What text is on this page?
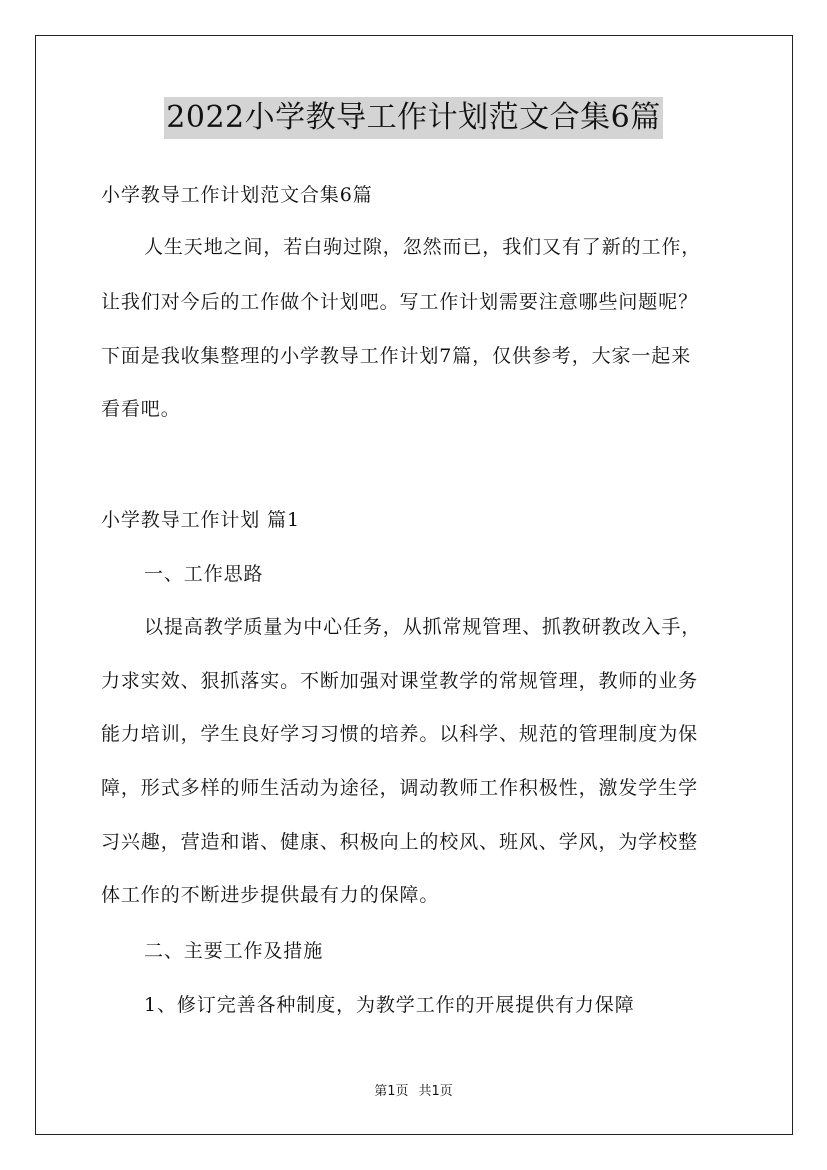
2022小学教导工作计划范文合集6篇
小学教导工作计划范文合集6篇
人生天地之间，若白驹过隙，忽然而已，我们又有了新的工作，
让我们对今后的工作做个计划吧。写工作计划需要注意哪些问题呢？
下面是我收集整理的小学教导工作计划7篇，仅供参考，大家一起来
看看吧。
小学教导工作计划 篇1
一、工作思路
以提高教学质量为中心任务，从抓常规管理、抓教研教改入手，
力求实效、狠抓落实。不断加强对课堂教学的常规管理，教师的业务
能力培训，学生良好学习习惯的培养。以科学、规范的管理制度为保
障，形式多样的师生活动为途径，调动教师工作积极性，激发学生学
习兴趣，营造和谐、健康、积极向上的校风、班风、学风，为学校整
体工作的不断进步提供最有力的保障。
二、主要工作及措施
1、修订完善各种制度，为教学工作的开展提供有力保障
第1页 共1页
